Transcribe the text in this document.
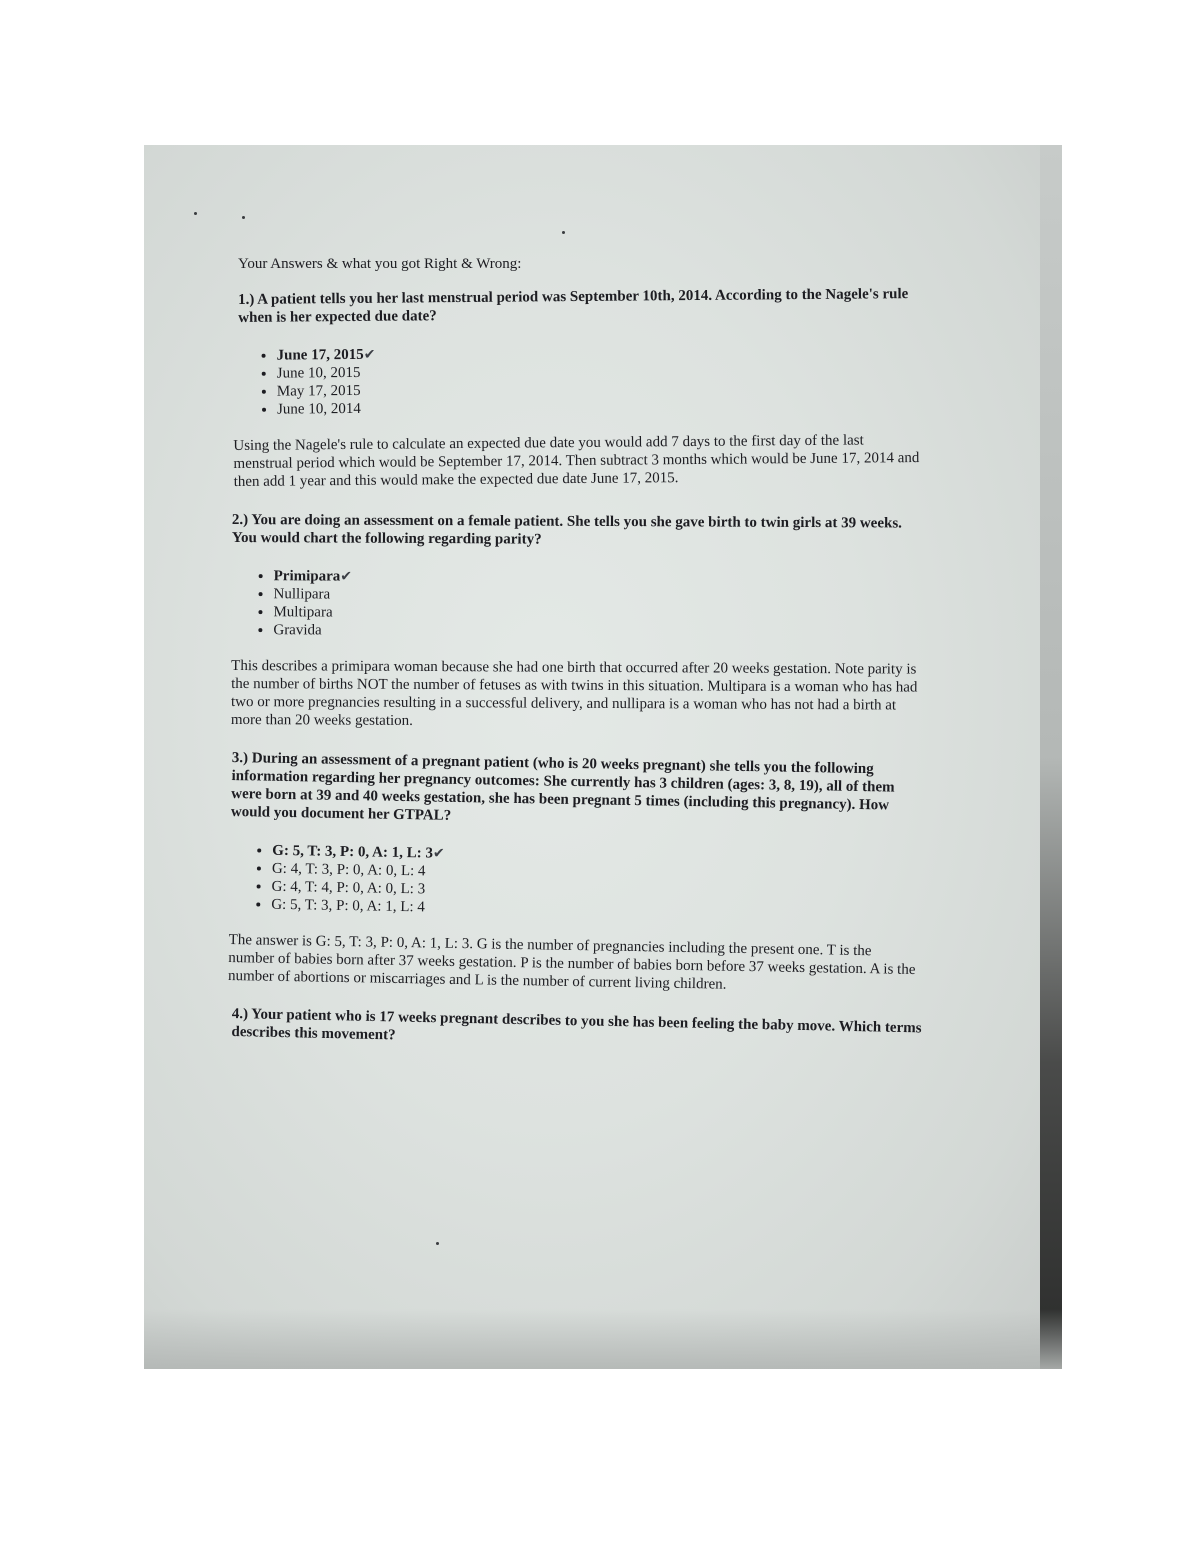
Your Answers & what you got Right & Wrong:
1.) A patient tells you her last menstrual period was September 10th, 2014. According to the Nagele's rule when is her expected due date?
• June 17, 2015✔
• June 10, 2015
• May 17, 2015
• June 10, 2014
Using the Nagele's rule to calculate an expected due date you would add 7 days to the first day of the last menstrual period which would be September 17, 2014. Then subtract 3 months which would be June 17, 2014 and then add 1 year and this would make the expected due date June 17, 2015.
2.) You are doing an assessment on a female patient. She tells you she gave birth to twin girls at 39 weeks. You would chart the following regarding parity?
• Primipara✔
• Nullipara
• Multipara
• Gravida
This describes a primipara woman because she had one birth that occurred after 20 weeks gestation. Note parity is the number of births NOT the number of fetuses as with twins in this situation. Multipara is a woman who has had two or more pregnancies resulting in a successful delivery, and nullipara is a woman who has not had a birth at more than 20 weeks gestation.
3.) During an assessment of a pregnant patient (who is 20 weeks pregnant) she tells you the following information regarding her pregnancy outcomes: She currently has 3 children (ages: 3, 8, 19), all of them were born at 39 and 40 weeks gestation, she has been pregnant 5 times (including this pregnancy). How would you document her GTPAL?
• G: 5, T: 3, P: 0, A: 1, L: 3✔
• G: 4, T: 3, P: 0, A: 0, L: 4
• G: 4, T: 4, P: 0, A: 0, L: 3
• G: 5, T: 3, P: 0, A: 1, L: 4
The answer is G: 5, T: 3, P: 0, A: 1, L: 3. G is the number of pregnancies including the present one. T is the number of babies born after 37 weeks gestation. P is the number of babies born before 37 weeks gestation. A is the number of abortions or miscarriages and L is the number of current living children.
4.) Your patient who is 17 weeks pregnant describes to you she has been feeling the baby move. Which terms describes this movement?
